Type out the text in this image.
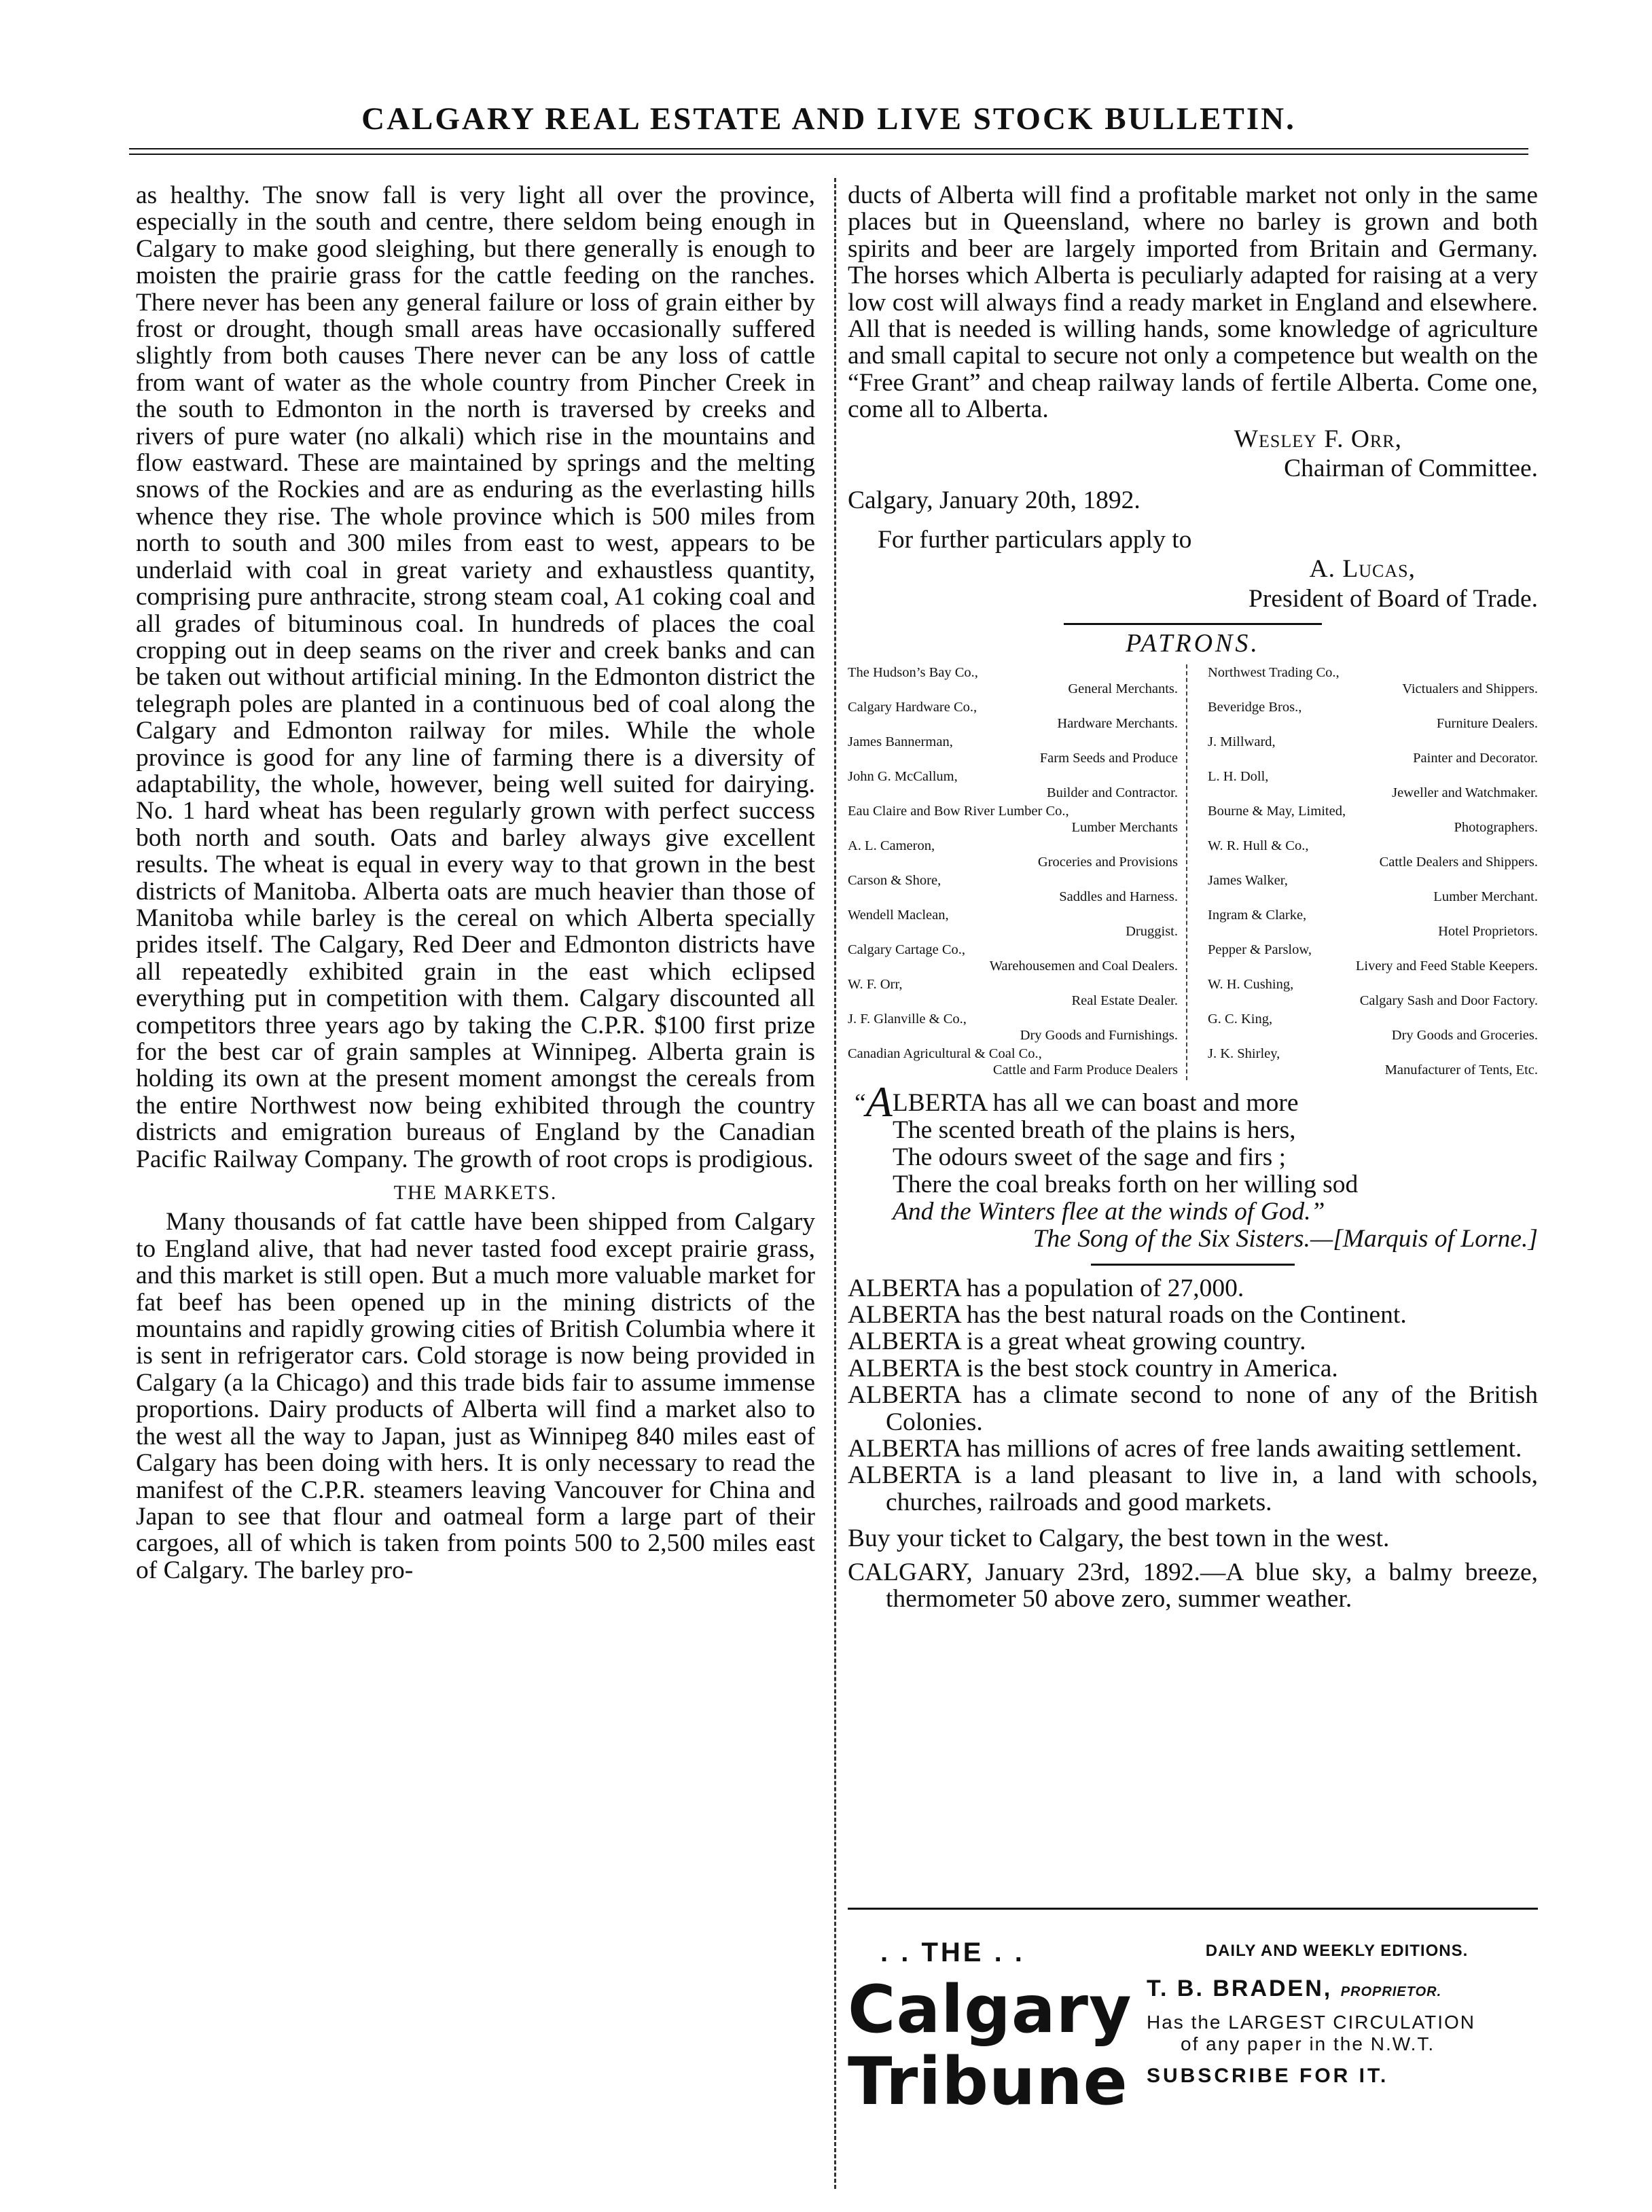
CALGARY REAL ESTATE AND LIVE STOCK BULLETIN.

as healthy. The snow fall is very light all over the province, especially in the south and centre, there seldom being enough in Calgary to make good sleighing, but there generally is enough to moisten the prairie grass for the cattle feeding on the ranches. There never has been any general failure or loss of grain either by frost or drought, though small areas have occasionally suffered slightly from both causes There never can be any loss of cattle from want of water as the whole country from Pincher Creek in the south to Edmonton in the north is traversed by creeks and rivers of pure water (no alkali) which rise in the mountains and flow eastward. These are maintained by springs and the melting snows of the Rockies and are as enduring as the everlasting hills whence they rise. The whole province which is 500 miles from north to south and 300 miles from east to west, appears to be underlaid with coal in great variety and exhaustless quantity, comprising pure anthracite, strong steam coal, A1 coking coal and all grades of bituminous coal. In hundreds of places the coal cropping out in deep seams on the river and creek banks and can be taken out without artificial mining. In the Edmonton district the telegraph poles are planted in a continuous bed of coal along the Calgary and Edmonton railway for miles. While the whole province is good for any line of farming there is a diversity of adaptability, the whole, however, being well suited for dairying. No. 1 hard wheat has been regularly grown with perfect success both north and south. Oats and barley always give excellent results. The wheat is equal in every way to that grown in the best districts of Manitoba. Alberta oats are much heavier than those of Manitoba while barley is the cereal on which Alberta specially prides itself. The Calgary, Red Deer and Edmonton districts have all repeatedly exhibited grain in the east which eclipsed everything put in competition with them. Calgary discounted all competitors three years ago by taking the C.P.R. $100 first prize for the best car of grain samples at Winnipeg. Alberta grain is holding its own at the present moment amongst the cereals from the entire Northwest now being exhibited through the country districts and emigration bureaus of England by the Canadian Pacific Railway Company. The growth of root crops is prodigious.

THE MARKETS.

Many thousands of fat cattle have been shipped from Calgary to England alive, that had never tasted food except prairie grass, and this market is still open. But a much more valuable market for fat beef has been opened up in the mining districts of the mountains and rapidly growing cities of British Columbia where it is sent in refrigerator cars. Cold storage is now being provided in Calgary (a la Chicago) and this trade bids fair to assume immense proportions. Dairy products of Alberta will find a market also to the west all the way to Japan, just as Winnipeg 840 miles east of Calgary has been doing with hers. It is only necessary to read the manifest of the C.P.R. steamers leaving Vancouver for China and Japan to see that flour and oatmeal form a large part of their cargoes, all of which is taken from points 500 to 2,500 miles east of Calgary. The barley pro-

ducts of Alberta will find a profitable market not only in the same places but in Queensland, where no barley is grown and both spirits and beer are largely imported from Britain and Germany. The horses which Alberta is peculiarly adapted for raising at a very low cost will always find a ready market in England and elsewhere. All that is needed is willing hands, some knowledge of agriculture and small capital to secure not only a competence but wealth on the “Free Grant” and cheap railway lands of fertile Alberta. Come one, come all to Alberta.

Wesley F. Orr,
Chairman of Committee.
Calgary, January 20th, 1892.
For further particulars apply to
A. Lucas,
President of Board of Trade.
PATRONS.
The Hudson’s Bay Co.,
General Merchants.
Calgary Hardware Co.,
Hardware Merchants.
James Bannerman,
Farm Seeds and Produce
John G. McCallum,
Builder and Contractor.
Eau Claire and Bow River Lumber Co.,
Lumber Merchants
A. L. Cameron,
Groceries and Provisions
Carson & Shore,
Saddles and Harness.
Wendell Maclean,
Druggist.
Calgary Cartage Co.,
Warehousemen and Coal Dealers.
W. F. Orr,
Real Estate Dealer.
J. F. Glanville & Co.,
Dry Goods and Furnishings.
Canadian Agricultural & Coal Co.,
Cattle and Farm Produce Dealers
Northwest Trading Co.,
Victualers and Shippers.
Beveridge Bros.,
Furniture Dealers.
J. Millward,
Painter and Decorator.
L. H. Doll,
Jeweller and Watchmaker.
Bourne & May, Limited,
Photographers.
W. R. Hull & Co.,
Cattle Dealers and Shippers.
James Walker,
Lumber Merchant.
Ingram & Clarke,
Hotel Proprietors.
Pepper & Parslow,
Livery and Feed Stable Keepers.
W. H. Cushing,
Calgary Sash and Door Factory.
G. C. King,
Dry Goods and Groceries.
J. K. Shirley,
Manufacturer of Tents, Etc.
“ALBERTA has all we can boast and more
The scented breath of the plains is hers,
The odours sweet of the sage and firs ;
There the coal breaks forth on her willing sod
And the Winters flee at the winds of God.”
The Song of the Six Sisters.—[Marquis of Lorne.]

ALBERTA has a population of 27,000.

ALBERTA has the best natural roads on the Continent.

ALBERTA is a great wheat growing country.

ALBERTA is the best stock country in America.

ALBERTA has a climate second to none of any of the British Colonies.

ALBERTA has millions of acres of free lands awaiting settlement.

ALBERTA is a land pleasant to live in, a land with schools, churches, railroads and good markets.

Buy your ticket to Calgary, the best town in the west.

CALGARY, January 23rd, 1892.—A blue sky, a balmy breeze, thermometer 50 above zero, summer weather.

. . THE . .
Calgary
Tribune
DAILY AND WEEKLY EDITIONS.
T. B. BRADEN, PROPRIETOR.
Has the LARGEST CIRCULATION
of any paper in the N.W.T.
SUBSCRIBE FOR IT.
